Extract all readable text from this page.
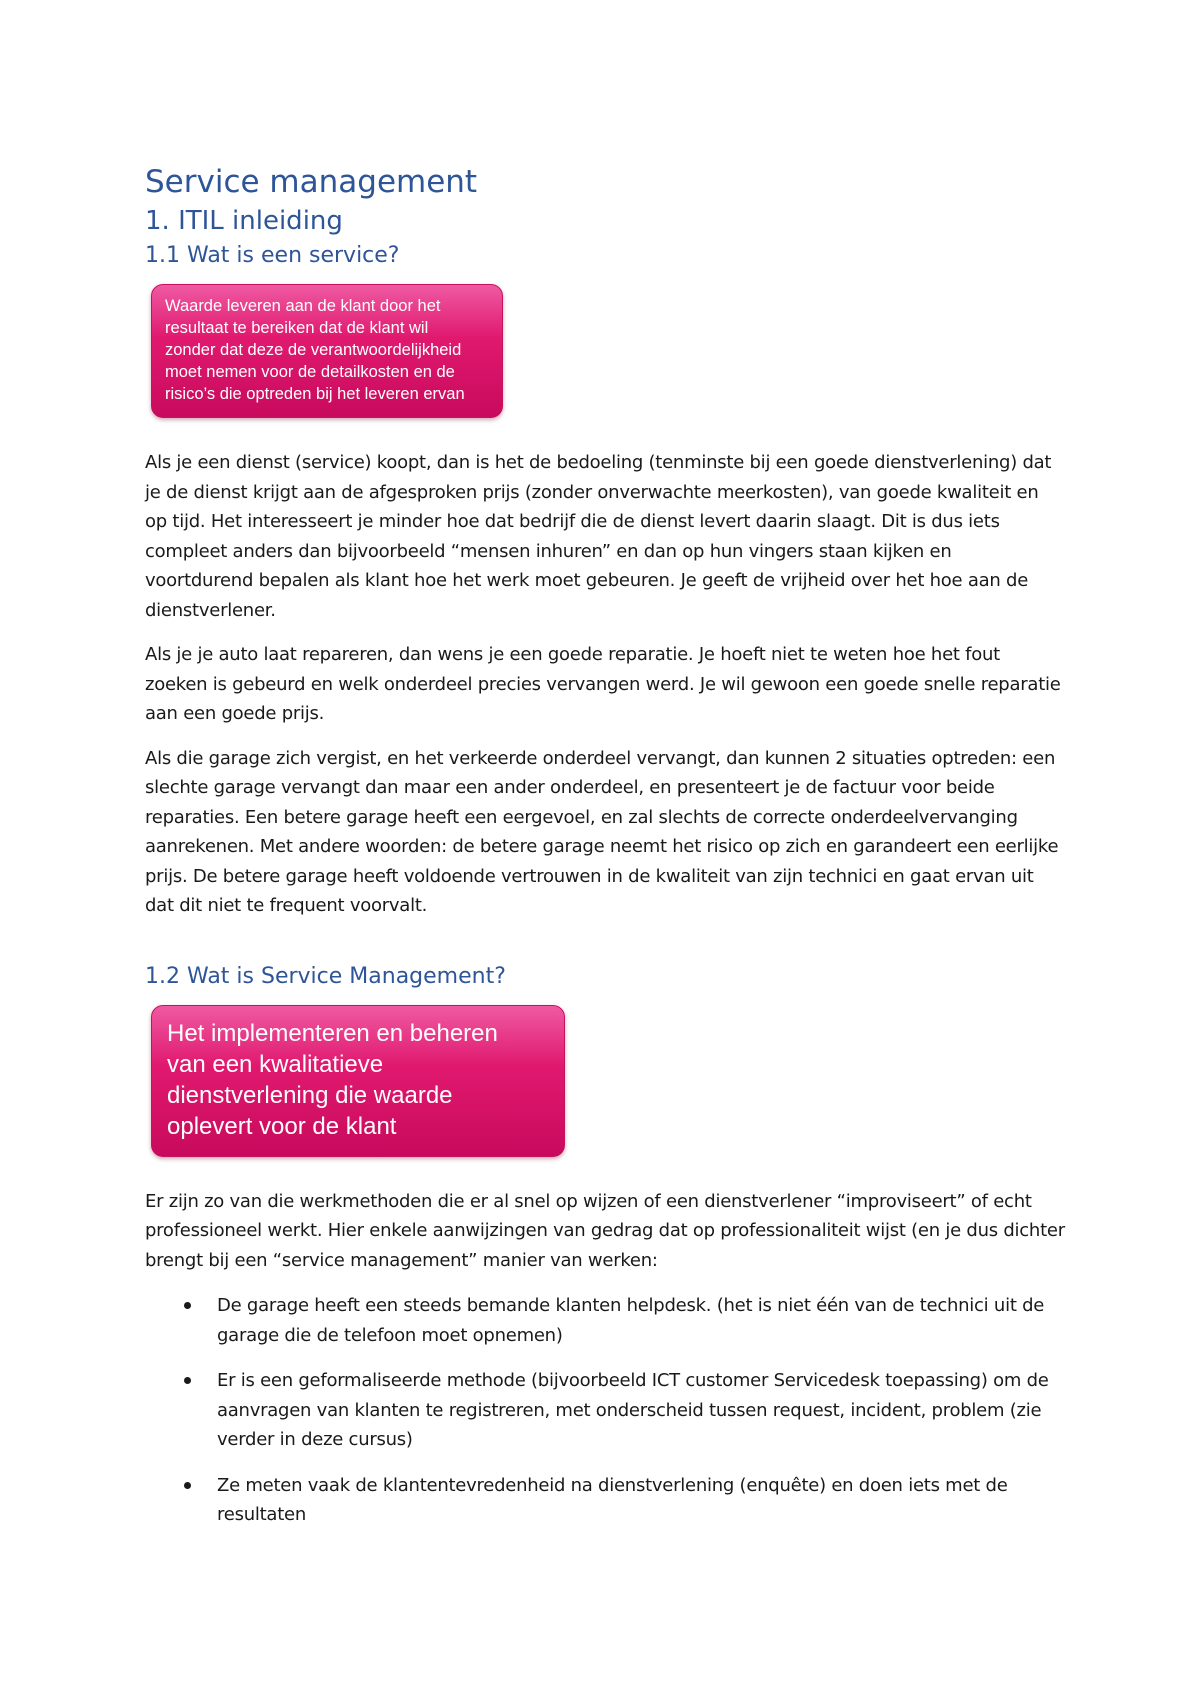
Service management
1. ITIL inleiding
1.1 Wat is een service?

Waarde leveren aan de klant door het

resultaat te bereiken dat de klant wil

zonder dat deze de verantwoordelijkheid

moet nemen voor de detailkosten en de

risico’s die optreden bij het leveren ervan

Als je een dienst (service) koopt, dan is het de bedoeling (tenminste bij een goede dienstverlening) dat je de dienst krijgt aan de afgesproken prijs (zonder onverwachte meerkosten), van goede kwaliteit en op tijd. Het interesseert je minder hoe dat bedrijf die de dienst levert daarin slaagt. Dit is dus iets compleet anders dan bijvoorbeeld “mensen inhuren” en dan op hun vingers staan kijken en voortdurend bepalen als klant hoe het werk moet gebeuren. Je geeft de vrijheid over het hoe aan de dienstverlener.

Als je je auto laat repareren, dan wens je een goede reparatie. Je hoeft niet te weten hoe het fout zoeken is gebeurd en welk onderdeel precies vervangen werd. Je wil gewoon een goede snelle reparatie aan een goede prijs.

Als die garage zich vergist, en het verkeerde onderdeel vervangt, dan kunnen 2 situaties optreden: een slechte garage vervangt dan maar een ander onderdeel, en presenteert je de factuur voor beide reparaties. Een betere garage heeft een eergevoel, en zal slechts de correcte onderdeelvervanging aanrekenen. Met andere woorden: de betere garage neemt het risico op zich en garandeert een eerlijke prijs. De betere garage heeft voldoende vertrouwen in de kwaliteit van zijn technici en gaat ervan uit dat dit niet te frequent voorvalt.

1.2 Wat is Service Management?

Het implementeren en beheren

van een kwalitatieve

dienstverlening die waarde

oplevert voor de klant

Er zijn zo van die werkmethoden die er al snel op wijzen of een dienstverlener “improviseert” of echt professioneel werkt. Hier enkele aanwijzingen van gedrag dat op professionaliteit wijst (en je dus dichter brengt bij een “service management” manier van werken:

De garage heeft een steeds bemande klanten helpdesk. (het is niet één van de technici uit de garage die de telefoon moet opnemen)
Er is een geformaliseerde methode (bijvoorbeeld ICT customer Servicedesk toepassing) om de aanvragen van klanten te registreren, met onderscheid tussen request, incident, problem (zie verder in deze cursus)
Ze meten vaak de klantentevredenheid na dienstverlening (enquête) en doen iets met de resultaten
